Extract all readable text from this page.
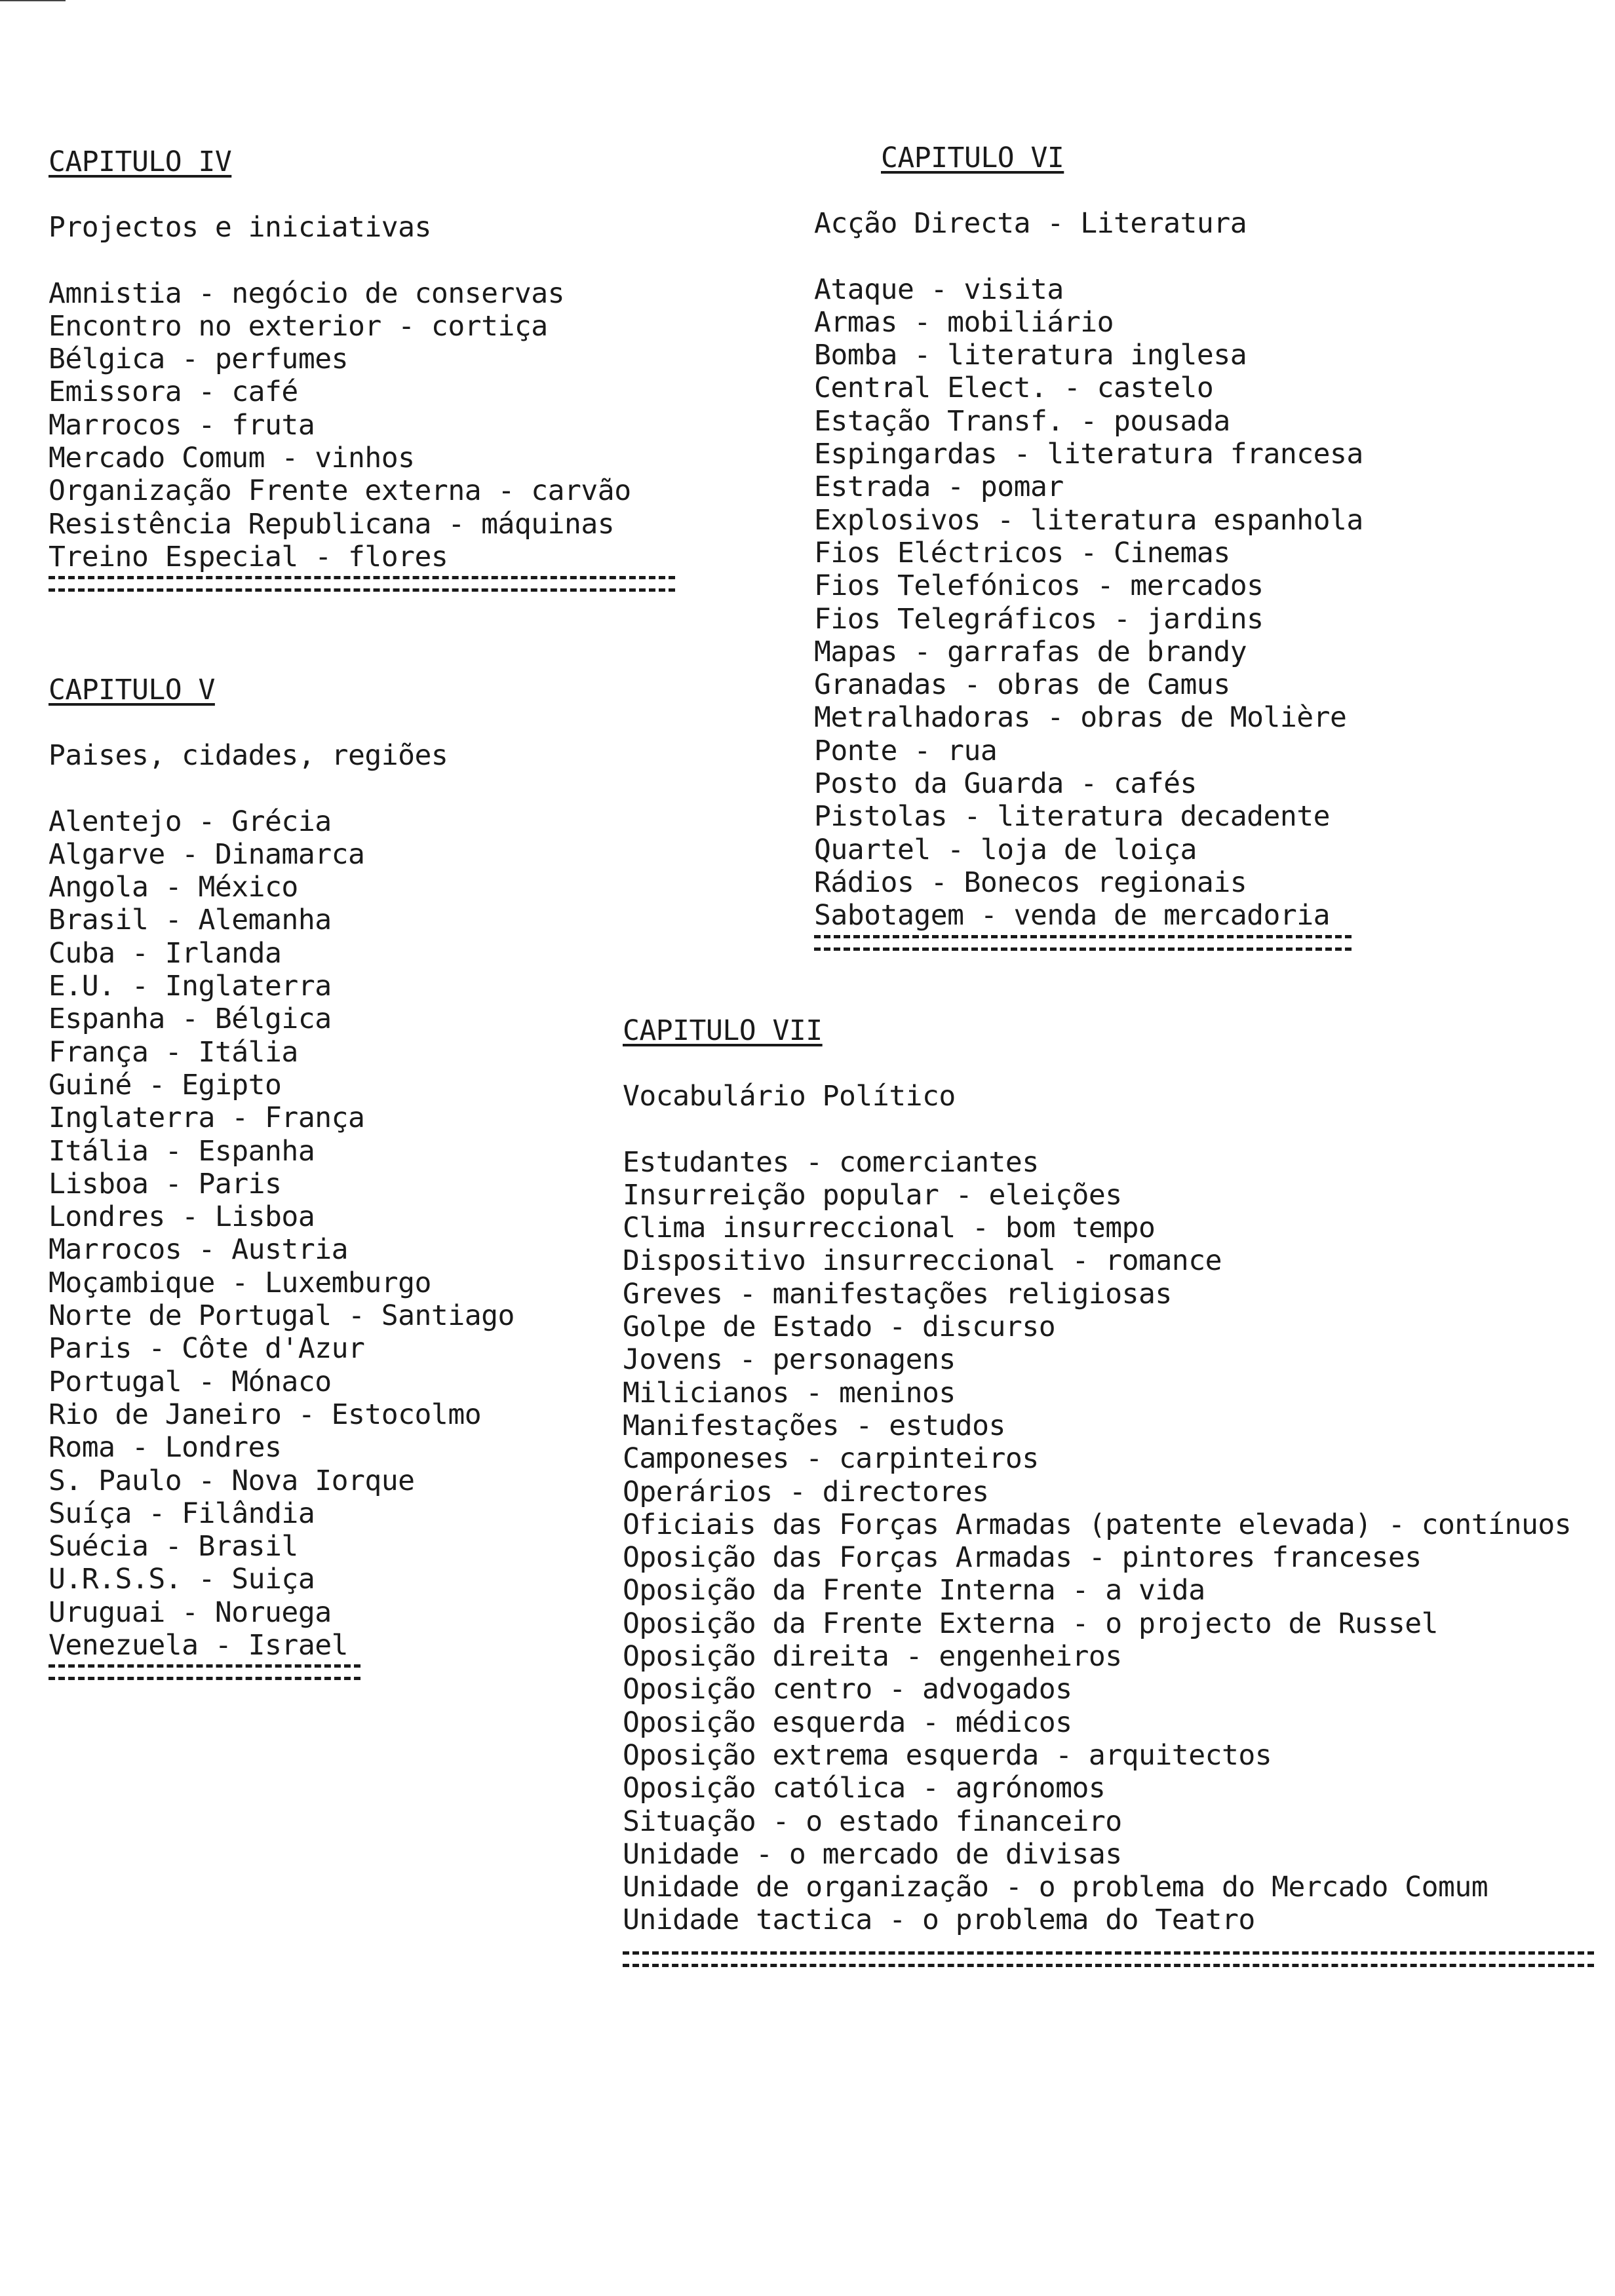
CAPITULO IV
Projectos e iniciativas
Amnistia - negócio de conservas
Encontro no exterior - cortiça
Bélgica - perfumes
Emissora - café
Marrocos - fruta
Mercado Comum - vinhos
Organização Frente externa - carvão
Resistência Republicana - máquinas
Treino Especial - flores
CAPITULO V
Paises, cidades, regiões
Alentejo - Grécia
Algarve - Dinamarca
Angola - México
Brasil - Alemanha
Cuba - Irlanda
E.U. - Inglaterra
Espanha - Bélgica
França - Itália
Guiné - Egipto
Inglaterra - França
Itália - Espanha
Lisboa - Paris
Londres - Lisboa
Marrocos - Austria
Moçambique - Luxemburgo
Norte de Portugal - Santiago
Paris - Côte d'Azur
Portugal - Mónaco
Rio de Janeiro - Estocolmo
Roma - Londres
S. Paulo - Nova Iorque
Suíça - Filândia
Suécia - Brasil
U.R.S.S. - Suiça
Uruguai - Noruega
Venezuela - Israel
CAPITULO VI
Acção Directa - Literatura
Ataque - visita
Armas - mobiliário
Bomba - literatura inglesa
Central Elect. - castelo
Estação Transf. - pousada
Espingardas - literatura francesa
Estrada - pomar
Explosivos - literatura espanhola
Fios Eléctricos - Cinemas
Fios Telefónicos - mercados
Fios Telegráficos - jardins
Mapas - garrafas de brandy
Granadas - obras de Camus
Metralhadoras - obras de Molière
Ponte - rua
Posto da Guarda - cafés
Pistolas - literatura decadente
Quartel - loja de loiça
Rádios - Bonecos regionais
Sabotagem - venda de mercadoria
CAPITULO VII
Vocabulário Político
Estudantes - comerciantes
Insurreição popular - eleições
Clima insurreccional - bom tempo
Dispositivo insurreccional - romance
Greves - manifestações religiosas
Golpe de Estado - discurso
Jovens - personagens
Milicianos - meninos
Manifestações - estudos
Camponeses - carpinteiros
Operários - directores
Oficiais das Forças Armadas (patente elevada) - contínuos
Oposição das Forças Armadas - pintores franceses
Oposição da Frente Interna - a vida
Oposição da Frente Externa - o projecto de Russel
Oposição direita - engenheiros
Oposição centro - advogados
Oposição esquerda - médicos
Oposição extrema esquerda - arquitectos
Oposição católica - agrónomos
Situação - o estado financeiro
Unidade - o mercado de divisas
Unidade de organização - o problema do Mercado Comum
Unidade tactica - o problema do Teatro
